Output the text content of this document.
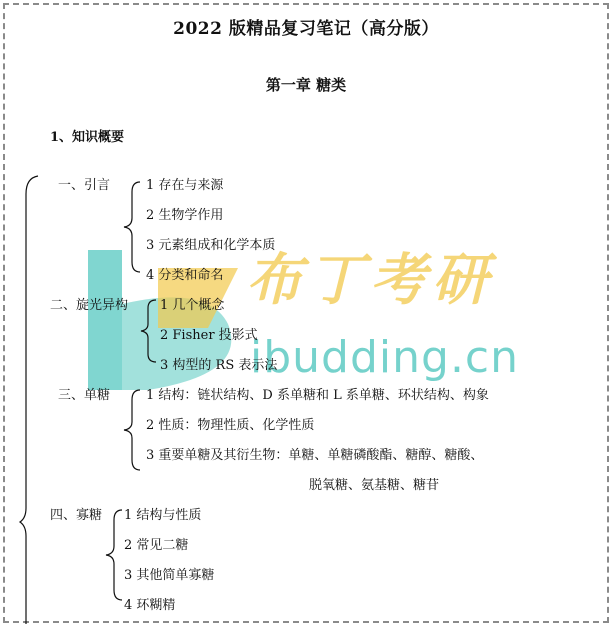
布丁考研
ibudding.cn
2022 版精品复习笔记（高分版）
第一章 糖类
1、知识概要
一、引言	1 存在与来源
2 生物学作用
3 元素组成和化学本质
4 分类和命名
二、旋光异构 1 几个概念
2 Fisher 投影式
3 构型的 RS 表示法
三、单糖	1 结构：链状结构、D 系单糖和 L 系单糖、环状结构、构象
2 性质：物理性质、化学性质
3 重要单糖及其衍生物：单糖、单糖磷酸酯、糖醇、糖酸、
脱氧糖、氨基糖、糖苷
四、寡糖 1 结构与性质
2 常见二糖
3 其他简单寡糖
4 环糊精
